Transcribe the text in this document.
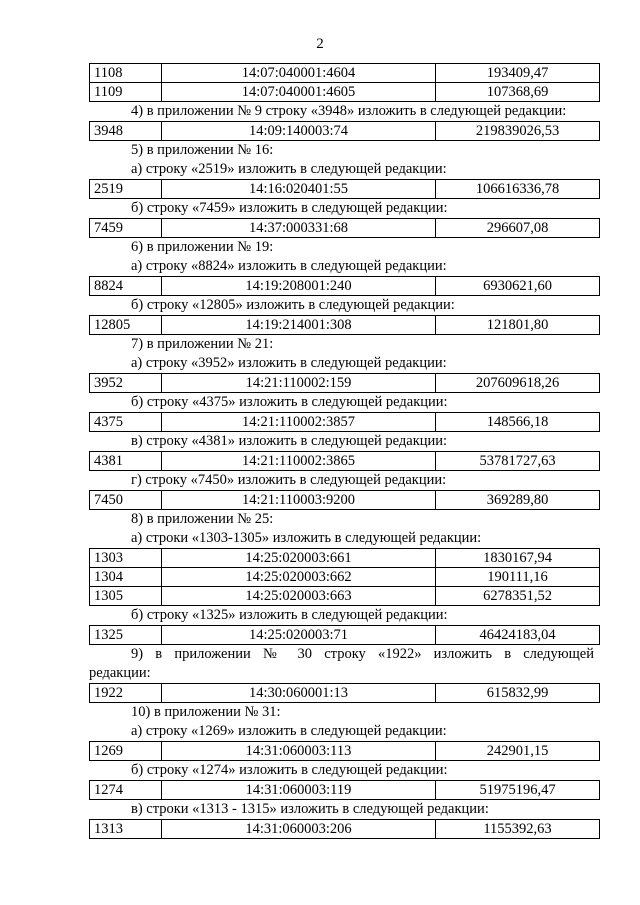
2
1108	14:07:040001:4604	193409,47
1109	14:07:040001:4605	107368,69
4) в приложении № 9 строку «3948» изложить в следующей редакции:
3948	14:09:140003:74	219839026,53
5) в приложении № 16:
а) строку «2519» изложить в следующей редакции:
2519	14:16:020401:55	106616336,78
б) строку «7459» изложить в следующей редакции:
7459	14:37:000331:68	296607,08
6) в приложении № 19:
а) строку «8824» изложить в следующей редакции:
8824	14:19:208001:240	6930621,60
б) строку «12805» изложить в следующей редакции:
12805	14:19:214001:308	121801,80
7) в приложении № 21:
а) строку «3952» изложить в следующей редакции:
3952	14:21:110002:159	207609618,26
б) строку «4375» изложить в следующей редакции:
4375	14:21:110002:3857	148566,18
в) строку «4381» изложить в следующей редакции:
4381	14:21:110002:3865	53781727,63
г) строку «7450» изложить в следующей редакции:
7450	14:21:110003:9200	369289,80
8) в приложении № 25:
а) строки «1303-1305» изложить в следующей редакции:
1303	14:25:020003:661	1830167,94
1304	14:25:020003:662	190111,16
1305	14:25:020003:663	6278351,52
б) строку «1325» изложить в следующей редакции:
1325	14:25:020003:71	46424183,04
9) в приложении № 30 строку «1922» изложить в следующей
редакции:
1922	14:30:060001:13	615832,99
10) в приложении № 31:
а) строку «1269» изложить в следующей редакции:
1269	14:31:060003:113	242901,15
б) строку «1274» изложить в следующей редакции:
1274	14:31:060003:119	51975196,47
в) строки «1313 - 1315» изложить в следующей редакции:
1313	14:31:060003:206	1155392,63
